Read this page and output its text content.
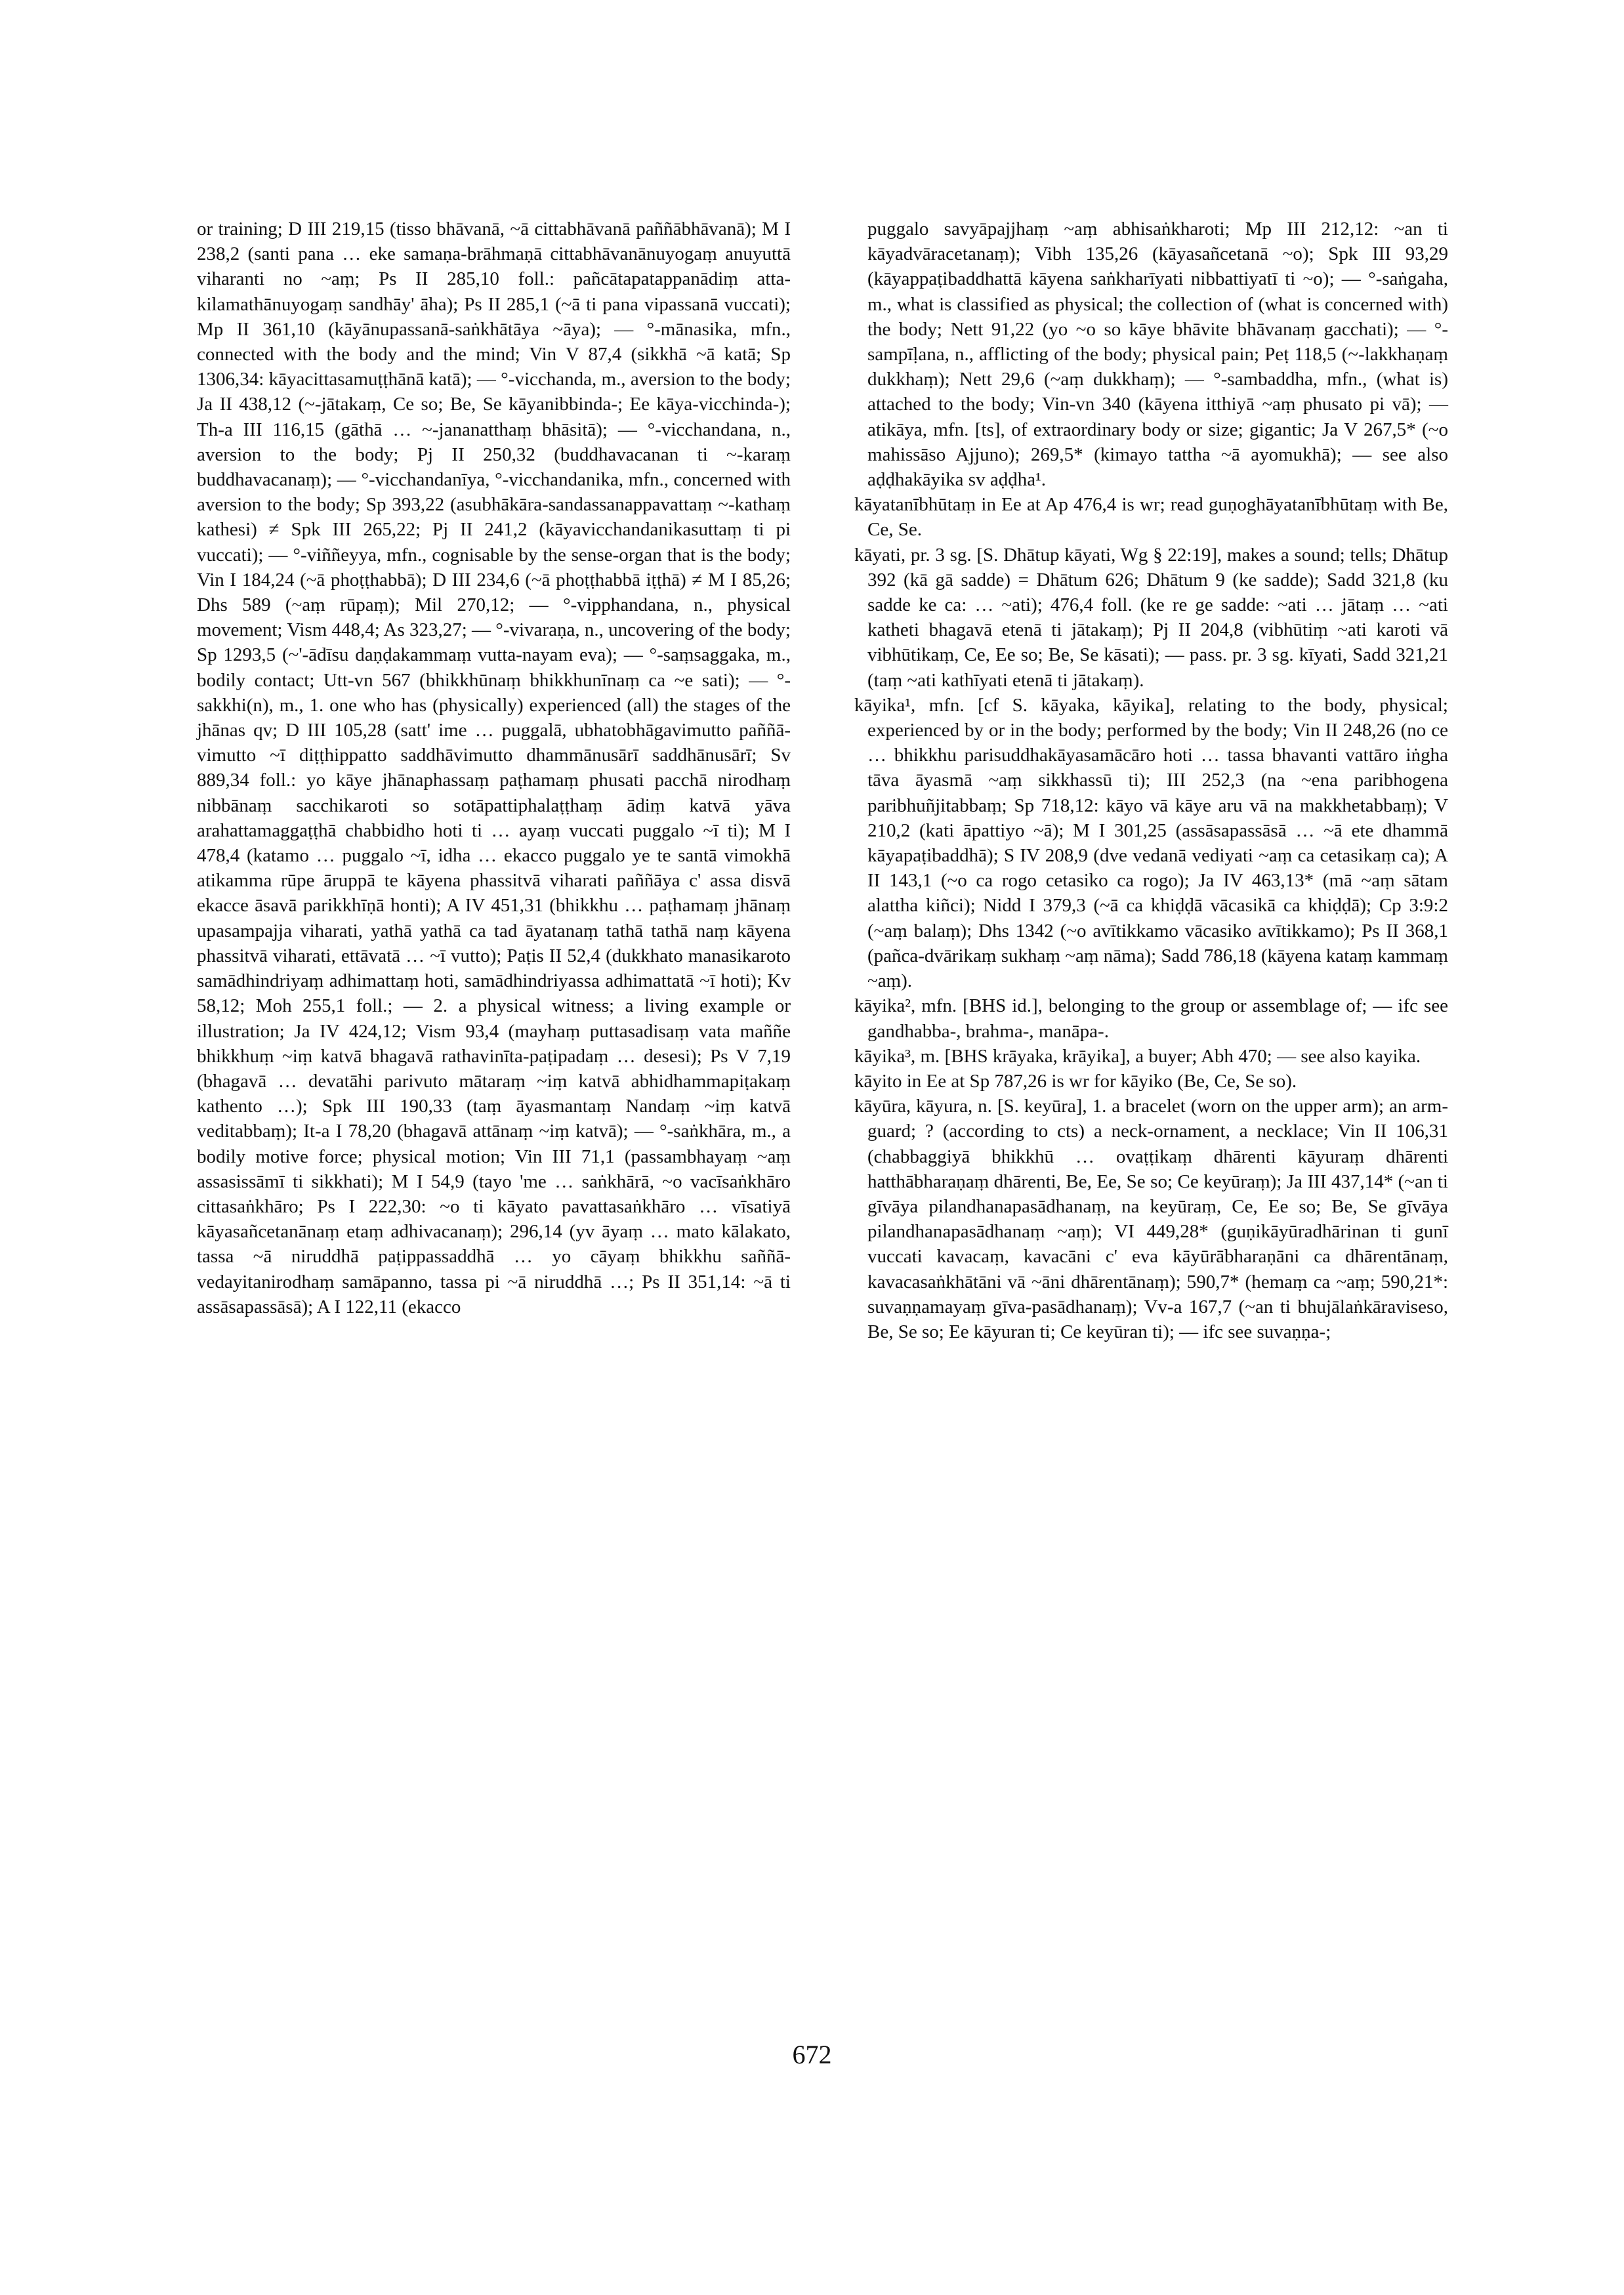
or training; D III 219,15 (tisso bhāvanā, ~ā cittabhāvanā paññābhāvanā); M I 238,2 (santi pana … eke samaṇa-brāhmaṇā cittabhāvanānuyogaṃ anuyuttā viharanti no ~aṃ; Ps II 285,10 foll.: pañcātapatappanādiṃ atta-kilamathānuyogaṃ sandhāy' āha); Ps II 285,1 (~ā ti pana vipassanā vuccati); Mp II 361,10 (kāyānupassanā-saṅkhātāya ~āya); — °-mānasika, mfn., connected with the body and the mind; Vin V 87,4 (sikkhā ~ā katā; Sp 1306,34: kāyacittasamuṭṭhānā katā); — °-vicchanda, m., aversion to the body; Ja II 438,12 (~-jātakaṃ, Ce so; Be, Se kāyanibbinda-; Ee kāya-vicchinda-); Th-a III 116,15 (gāthā … ~-jananatthaṃ bhāsitā); — °-vicchandana, n., aversion to the body; Pj II 250,32 (buddhavacanan ti ~-karaṃ buddhavacanaṃ); — °-vicchandanīya, °-vicchandanika, mfn., concerned with aversion to the body; Sp 393,22 (asubhākāra-sandassanappavattaṃ ~-kathaṃ kathesi) ≠ Spk III 265,22; Pj II 241,2 (kāyavicchandanikasuttaṃ ti pi vuccati); — °-viññeyya, mfn., cognisable by the sense-organ that is the body; Vin I 184,24 (~ā phoṭṭhabbā); D III 234,6 (~ā phoṭṭhabbā iṭṭhā) ≠ M I 85,26; Dhs 589 (~aṃ rūpaṃ); Mil 270,12; — °-vipphandana, n., physical movement; Vism 448,4; As 323,27; — °-vivaraṇa, n., uncovering of the body; Sp 1293,5 (~'-ādīsu daṇḍakammaṃ vutta-nayam eva); — °-saṃsaggaka, m., bodily contact; Utt-vn 567 (bhikkhūnaṃ bhikkhunīnaṃ ca ~e sati); — °-sakkhi(n), m., 1. one who has (physically) experienced (all) the stages of the jhānas qv; D III 105,28 (satt' ime … puggalā, ubhatobhāgavimutto paññā-vimutto ~ī diṭṭhippatto saddhāvimutto dhammānusārī saddhānusārī; Sv 889,34 foll.: yo kāye jhānaphassaṃ paṭhamaṃ phusati pacchā nirodhaṃ nibbānaṃ sacchikaroti so sotāpattiphalaṭṭhaṃ ādiṃ katvā yāva arahattamaggaṭṭhā chabbidho hoti ti … ayaṃ vuccati puggalo ~ī ti); M I 478,4 (katamo … puggalo ~ī, idha … ekacco puggalo ye te santā vimokhā atikamma rūpe āruppā te kāyena phassitvā viharati paññāya c' assa disvā ekacce āsavā parikkhīṇā honti); A IV 451,31 (bhikkhu … paṭhamaṃ jhānaṃ upasampajja viharati, yathā yathā ca tad āyatanaṃ tathā tathā naṃ kāyena phassitvā viharati, ettāvatā … ~ī vutto); Paṭis II 52,4 (dukkhato manasikaroto samādhindriyaṃ adhimattaṃ hoti, samādhindriyassa adhimattatā ~ī hoti); Kv 58,12; Moh 255,1 foll.; — 2. a physical witness; a living example or illustration; Ja IV 424,12; Vism 93,4 (mayhaṃ puttasadisaṃ vata maññe bhikkhuṃ ~iṃ katvā bhagavā rathavinīta-paṭipadaṃ … desesi); Ps V 7,19 (bhagavā … devatāhi parivuto mātaraṃ ~iṃ katvā abhidhammapiṭakaṃ kathento …); Spk III 190,33 (taṃ āyasmantaṃ Nandaṃ ~iṃ katvā veditabbaṃ); It-a I 78,20 (bhagavā attānaṃ ~iṃ katvā); — °-saṅkhāra, m., a bodily motive force; physical motion; Vin III 71,1 (passambhayaṃ ~aṃ assasissāmī ti sikkhati); M I 54,9 (tayo 'me … saṅkhārā, ~o vacīsaṅkhāro cittasaṅkhāro; Ps I 222,30: ~o ti kāyato pavattasaṅkhāro … vīsatiyā kāyasañcetanānaṃ etaṃ adhivacanaṃ); 296,14 (yv āyaṃ … mato kālakato, tassa ~ā niruddhā paṭippassaddhā … yo cāyaṃ bhikkhu saññā-vedayitanirodhaṃ samāpanno, tassa pi ~ā niruddhā …; Ps II 351,14: ~ā ti assāsapassāsā); A I 122,11 (ekacco

puggalo savyāpajjhaṃ ~aṃ abhisaṅkharoti; Mp III 212,12: ~an ti kāyadvāracetanaṃ); Vibh 135,26 (kāyasañcetanā ~o); Spk III 93,29 (kāyappaṭibaddhattā kāyena saṅkharīyati nibbattiyatī ti ~o); — °-saṅgaha, m., what is classified as physical; the collection of (what is concerned with) the body; Nett 91,22 (yo ~o so kāye bhāvite bhāvanaṃ gacchati); — °-sampīḷana, n., afflicting of the body; physical pain; Peṭ 118,5 (~-lakkhaṇaṃ dukkhaṃ); Nett 29,6 (~aṃ dukkhaṃ); — °-sambaddha, mfn., (what is) attached to the body; Vin-vn 340 (kāyena itthiyā ~aṃ phusato pi vā); — atikāya, mfn. [ts], of extraordinary body or size; gigantic; Ja V 267,5* (~o mahissāso Ajjuno); 269,5* (kimayo tattha ~ā ayomukhā); — see also aḍḍhakāyika sv aḍḍha¹.

kāyatanībhūtaṃ in Ee at Ap 476,4 is wr; read guṇoghāyatanībhūtaṃ with Be, Ce, Se.

kāyati, pr. 3 sg. [S. Dhātup kāyati, Wg § 22:19], makes a sound; tells; Dhātup 392 (kā gā sadde) = Dhātum 626; Dhātum 9 (ke sadde); Sadd 321,8 (ku sadde ke ca: … ~ati); 476,4 foll. (ke re ge sadde: ~ati … jātaṃ … ~ati katheti bhagavā etenā ti jātakaṃ); Pj II 204,8 (vibhūtiṃ ~ati karoti vā vibhūtikaṃ, Ce, Ee so; Be, Se kāsati); — pass. pr. 3 sg. kīyati, Sadd 321,21 (taṃ ~ati kathīyati etenā ti jātakaṃ).

kāyika¹, mfn. [cf S. kāyaka, kāyika], relating to the body, physical; experienced by or in the body; performed by the body; Vin II 248,26 (no ce … bhikkhu parisuddhakāyasamācāro hoti … tassa bhavanti vattāro iṅgha tāva āyasmā ~aṃ sikkhassū ti); III 252,3 (na ~ena paribhogena paribhuñjitabbaṃ; Sp 718,12: kāyo vā kāye aru vā na makkhetabbaṃ); V 210,2 (kati āpattiyo ~ā); M I 301,25 (assāsapassāsā … ~ā ete dhammā kāyapaṭibaddhā); S IV 208,9 (dve vedanā vediyati ~aṃ ca cetasikaṃ ca); A II 143,1 (~o ca rogo cetasiko ca rogo); Ja IV 463,13* (mā ~aṃ sātam alattha kiñci); Nidd I 379,3 (~ā ca khiḍḍā vācasikā ca khiḍḍā); Cp 3:9:2 (~aṃ balaṃ); Dhs 1342 (~o avītikkamo vācasiko avītikkamo); Ps II 368,1 (pañca-dvārikaṃ sukhaṃ ~aṃ nāma); Sadd 786,18 (kāyena kataṃ kammaṃ ~aṃ).

kāyika², mfn. [BHS id.], belonging to the group or assemblage of; — ifc see gandhabba-, brahma-, manāpa-.

kāyika³, m. [BHS krāyaka, krāyika], a buyer; Abh 470; — see also kayika.

kāyito in Ee at Sp 787,26 is wr for kāyiko (Be, Ce, Se so).

kāyūra, kāyura, n. [S. keyūra], 1. a bracelet (worn on the upper arm); an arm-guard; ? (according to cts) a neck-ornament, a necklace; Vin II 106,31 (chabbaggiyā bhikkhū … ovaṭṭikaṃ dhārenti kāyuraṃ dhārenti hatthābharaṇaṃ dhārenti, Be, Ee, Se so; Ce keyūraṃ); Ja III 437,14* (~an ti gīvāya pilandhanapasādhanaṃ, na keyūraṃ, Ce, Ee so; Be, Se gīvāya pilandhanapasādhanaṃ ~aṃ); VI 449,28* (guṇikāyūradhārinan ti gunī vuccati kavacaṃ, kavacāni c' eva kāyūrābharaṇāni ca dhārentānaṃ, kavacasaṅkhātāni vā ~āni dhārentānaṃ); 590,7* (hemaṃ ca ~aṃ; 590,21*: suvaṇṇamayaṃ gīva-pasādhanaṃ); Vv-a 167,7 (~an ti bhujālaṅkāraviseso, Be, Se so; Ee kāyuran ti; Ce keyūran ti); — ifc see suvaṇṇa-;

672
